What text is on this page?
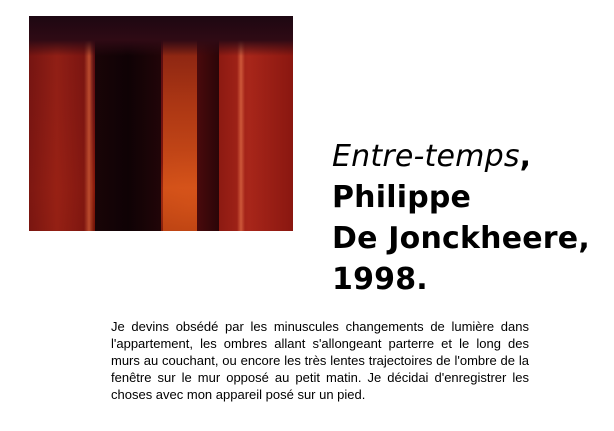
Entre-temps,
Philippe
De Jonckheere,
1998.

Je devins obsédé par les minuscules changements de lumière dans l'appartement, les ombres allant s'allongeant parterre et le long des murs au couchant, ou encore les très lentes trajectoires de l'ombre de la fenêtre sur le mur opposé au petit matin. Je décidai d'enregistrer les choses avec mon appareil posé sur un pied.
